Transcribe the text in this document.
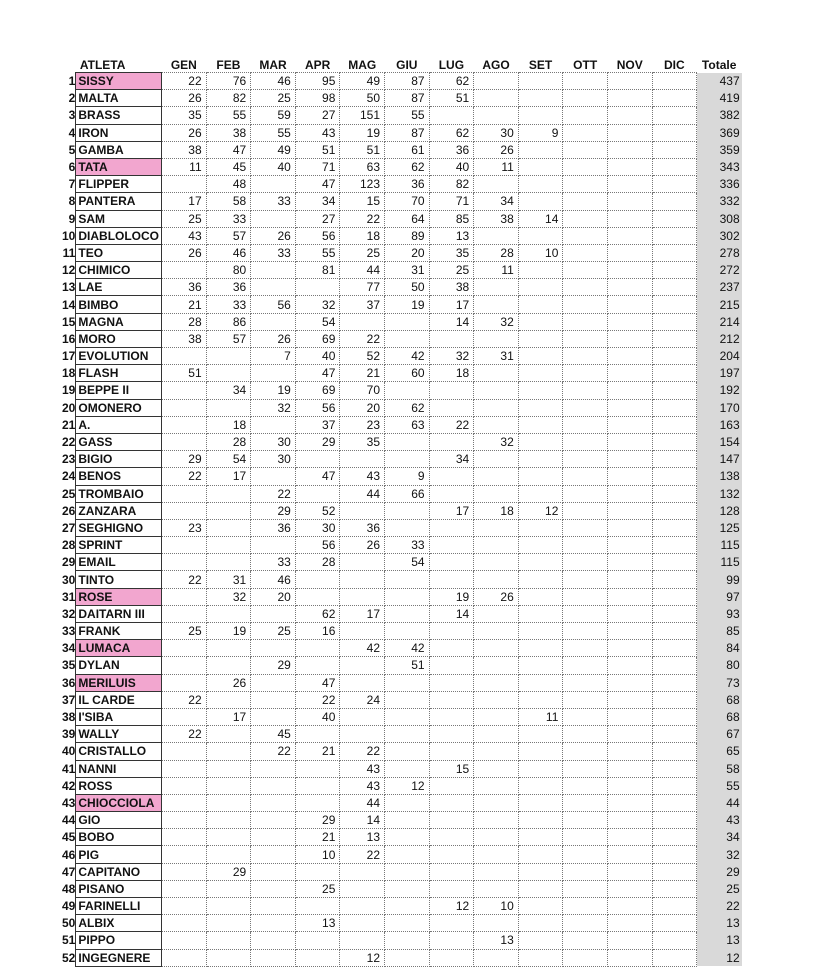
	ATLETA	GEN	FEB	MAR	APR	MAG	GIU	LUG	AGO	SET	OTT	NOV	DIC	Totale
1	SISSY	22	76	46	95	49	87	62						437
2	MALTA	26	82	25	98	50	87	51						419
3	BRASS	35	55	59	27	151	55							382
4	IRON	26	38	55	43	19	87	62	30	9				369
5	GAMBA	38	47	49	51	51	61	36	26					359
6	TATA	11	45	40	71	63	62	40	11					343
7	FLIPPER		48		47	123	36	82						336
8	PANTERA	17	58	33	34	15	70	71	34					332
9	SAM	25	33		27	22	64	85	38	14				308
10	DIABLOLOCO	43	57	26	56	18	89	13						302
11	TEO	26	46	33	55	25	20	35	28	10				278
12	CHIMICO		80		81	44	31	25	11					272
13	LAE	36	36			77	50	38						237
14	BIMBO	21	33	56	32	37	19	17						215
15	MAGNA	28	86		54			14	32					214
16	MORO	38	57	26	69	22								212
17	EVOLUTION			7	40	52	42	32	31					204
18	FLASH	51			47	21	60	18						197
19	BEPPE II		34	19	69	70								192
20	OMONERO			32	56	20	62							170
21	A.		18		37	23	63	22						163
22	GASS		28	30	29	35			32					154
23	BIGIO	29	54	30				34						147
24	BENOS	22	17		47	43	9							138
25	TROMBAIO			22		44	66							132
26	ZANZARA			29	52			17	18	12				128
27	SEGHIGNO	23		36	30	36								125
28	SPRINT				56	26	33							115
29	EMAIL			33	28		54							115
30	TINTO	22	31	46										99
31	ROSE		32	20				19	26					97
32	DAITARN III				62	17		14						93
33	FRANK	25	19	25	16									85
34	LUMACA					42	42							84
35	DYLAN			29			51							80
36	MERILUIS		26		47									73
37	IL CARDE	22			22	24								68
38	I'SIBA		17		40					11				68
39	WALLY	22		45										67
40	CRISTALLO			22	21	22								65
41	NANNI					43		15						58
42	ROSS					43	12							55
43	CHIOCCIOLA					44								44
44	GIO				29	14								43
45	BOBO				21	13								34
46	PIG				10	22								32
47	CAPITANO		29											29
48	PISANO				25									25
49	FARINELLI							12	10					22
50	ALBIX				13									13
51	PIPPO								13					13
52	INGEGNERE					12								12
